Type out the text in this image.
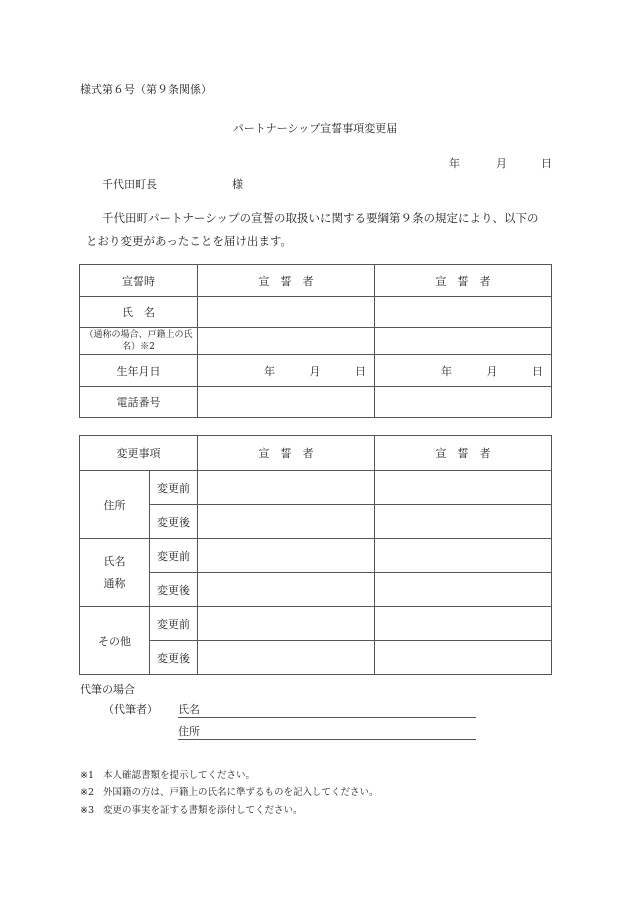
様式第６号（第９条関係）
パートナーシップ宣誓事項変更届
年	月	日
千代田町長	様
千代田町パートナーシップの宣誓の取扱いに関する要綱第９条の規定により、以下の
とおり変更があったことを届け出ます。
宣誓時	宣　誓　者	宣　誓　者
氏　名		
（通称の場合、戸籍上の氏名）※2		
生年月日	年 月 日	年 月 日

電話番号		
変更事項		宣　誓　者	宣　誓　者
住所	変更前		
	変更後		

氏名
通称	変更前		
	変更後		
その他	変更前		
	変更後		
代筆の場合
（代筆者） 氏名
住所
※1 本人確認書類を提示してください。
※2 外国籍の方は、戸籍上の氏名に準ずるものを記入してください。
※3 変更の事実を証する書類を添付してください。
